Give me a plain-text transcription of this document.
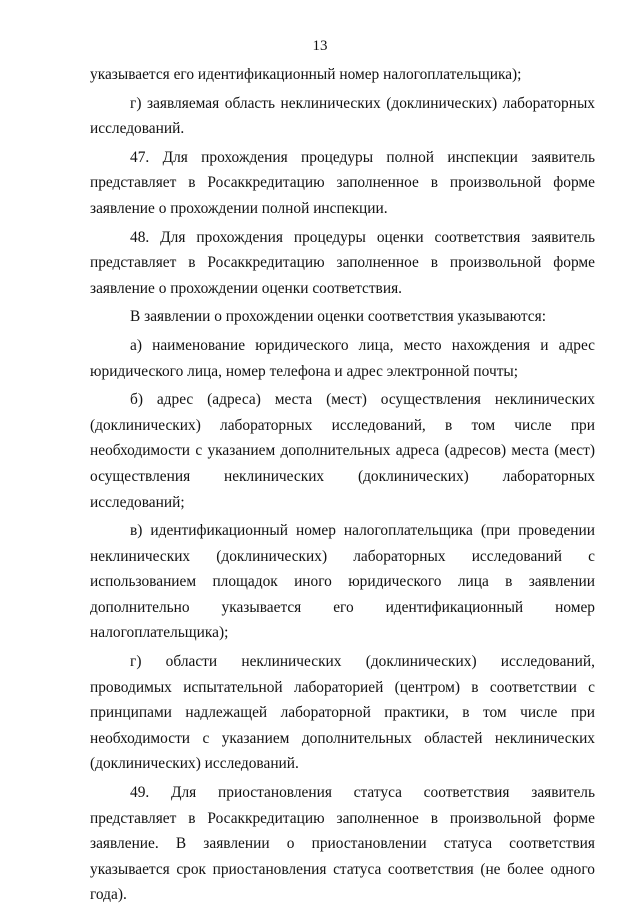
13

указывается его идентификационный номер налогоплательщика);

г) заявляемая область неклинических (доклинических) лабораторных исследований.

47. Для прохождения процедуры полной инспекции заявитель представляет в Росаккредитацию заполненное в произвольной форме заявление о прохождении полной инспекции.

48. Для прохождения процедуры оценки соответствия заявитель представляет в Росаккредитацию заполненное в произвольной форме заявление о прохождении оценки соответствия.

В заявлении о прохождении оценки соответствия указываются:

а) наименование юридического лица, место нахождения и адрес юридического лица, номер телефона и адрес электронной почты;

б) адрес (адреса) места (мест) осуществления неклинических (доклинических) лабораторных исследований, в том числе при необходимости с указанием дополнительных адреса (адресов) места (мест) осуществления неклинических (доклинических) лабораторных исследований;

в) идентификационный номер налогоплательщика (при проведении неклинических (доклинических) лабораторных исследований с использованием площадок иного юридического лица в заявлении дополнительно указывается его идентификационный номер налогоплательщика);

г) области неклинических (доклинических) исследований, проводимых испытательной лабораторией (центром) в соответствии с принципами надлежащей лабораторной практики, в том числе при необходимости с указанием дополнительных областей неклинических (доклинических) исследований.

49. Для приостановления статуса соответствия заявитель представляет в Росаккредитацию заполненное в произвольной форме заявление. В заявлении о приостановлении статуса соответствия указывается срок приостановления статуса соответствия (не более одного года).
